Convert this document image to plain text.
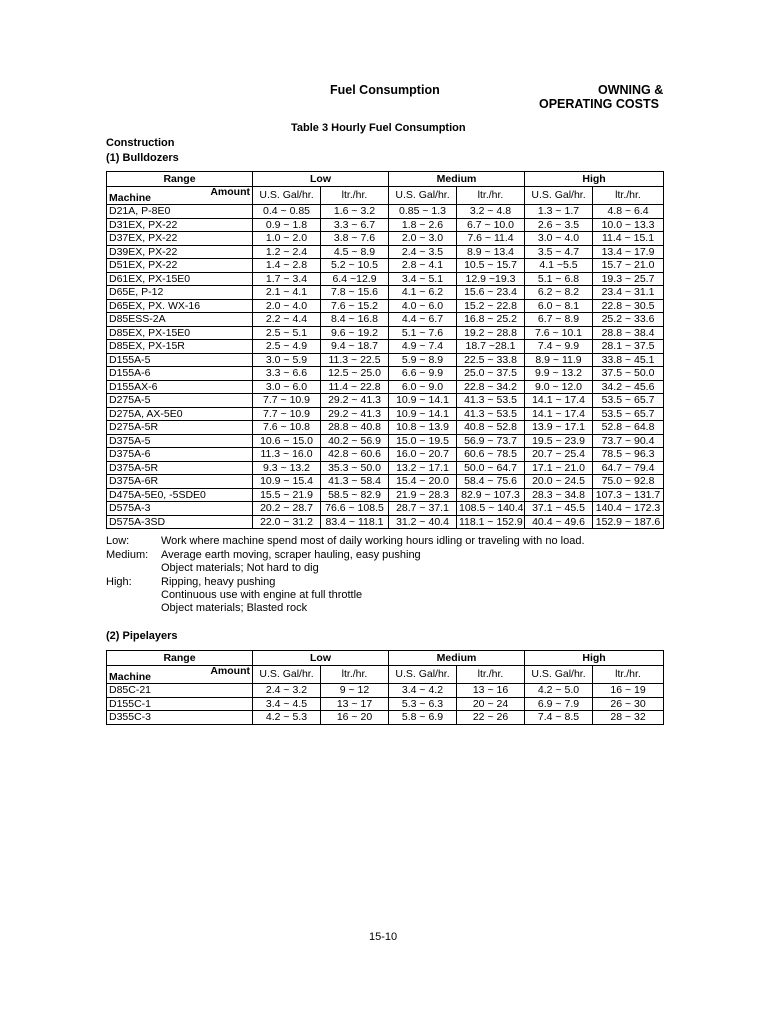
Fuel Consumption	OWNING &
OPERATING COSTS
Table 3 Hourly Fuel Consumption
Construction
(1) Bulldozers
Range	Low		Medium		High	

Amount
Machine	U.S. Gal/hr.	ltr./hr.	U.S. Gal/hr.	ltr./hr.	U.S. Gal/hr.	ltr./hr.
D21A, P-8E0	0.4 ~ 0.85	1.6 ~ 3.2	0.85 ~ 1.3	3.2 ~ 4.8	1.3 ~ 1.7	4.8 ~ 6.4
D31EX, PX-22	0.9 ~ 1.8	3.3 ~ 6.7	1.8 ~ 2.6	6.7 ~ 10.0	2.6 ~ 3.5	10.0 ~ 13.3
D37EX, PX-22	1.0 ~ 2.0	3.8 ~ 7.6	2.0 ~ 3.0	7.6 ~ 11.4	3.0 ~ 4.0	11.4 ~ 15.1
D39EX, PX-22	1.2 ~ 2.4	4.5 ~ 8.9	2.4 ~ 3.5	8.9 ~ 13.4	3.5 ~ 4.7	13.4 ~ 17.9
D51EX, PX-22	1.4 ~ 2.8	5.2 ~ 10.5	2.8 ~ 4.1	10.5 ~ 15.7	4.1 ~5.5	15.7 ~ 21.0
D61EX, PX-15E0	1.7 ~ 3.4	6.4 ~12.9	3.4 ~ 5.1	12.9 ~19.3	5.1 ~ 6.8	19.3 ~ 25.7
D65E, P-12	2.1 ~ 4.1	7.8 ~ 15.6	4.1 ~ 6.2	15.6 ~ 23.4	6.2 ~ 8.2	23.4 ~ 31.1
D65EX, PX. WX-16	2.0 ~ 4.0	7.6 ~ 15.2	4.0 ~ 6.0	15.2 ~ 22.8	6.0 ~ 8.1	22.8 ~ 30.5
D85ESS-2A	2.2 ~ 4.4	8.4 ~ 16.8	4.4 ~ 6.7	16.8 ~ 25.2	6.7 ~ 8.9	25.2 ~ 33.6
D85EX, PX-15E0	2.5 ~ 5.1	9.6 ~ 19.2	5.1 ~ 7.6	19.2 ~ 28.8	7.6 ~ 10.1	28.8 ~ 38.4
D85EX, PX-15R	2.5 ~ 4.9	9.4 ~ 18.7	4.9 ~ 7.4	18.7 ~28.1	7.4 ~ 9.9	28.1 ~ 37.5
D155A-5	3.0 ~ 5.9	11.3 ~ 22.5	5.9 ~ 8.9	22.5 ~ 33.8	8.9 ~ 11.9	33.8 ~ 45.1
D155A-6	3.3 ~ 6.6	12.5 ~ 25.0	6.6 ~ 9.9	25.0 ~ 37.5	9.9 ~ 13.2	37.5 ~ 50.0
D155AX-6	3.0 ~ 6.0	11.4 ~ 22.8	6.0 ~ 9.0	22.8 ~ 34.2	9.0 ~ 12.0	34.2 ~ 45.6
D275A-5	7.7 ~ 10.9	29.2 ~ 41.3	10.9 ~ 14.1	41.3 ~ 53.5	14.1 ~ 17.4	53.5 ~ 65.7
D275A, AX-5E0	7.7 ~ 10.9	29.2 ~ 41.3	10.9 ~ 14.1	41.3 ~ 53.5	14.1 ~ 17.4	53.5 ~ 65.7
D275A-5R	7.6 ~ 10.8	28.8 ~ 40.8	10.8 ~ 13.9	40.8 ~ 52.8	13.9 ~ 17.1	52.8 ~ 64.8
D375A-5	10.6 ~ 15.0	40.2 ~ 56.9	15.0 ~ 19.5	56.9 ~ 73.7	19.5 ~ 23.9	73.7 ~ 90.4
D375A-6	11.3 ~ 16.0	42.8 ~ 60.6	16.0 ~ 20.7	60.6 ~ 78.5	20.7 ~ 25.4	78.5 ~ 96.3
D375A-5R	9.3 ~ 13.2	35.3 ~ 50.0	13.2 ~ 17.1	50.0 ~ 64.7	17.1 ~ 21.0	64.7 ~ 79.4
D375A-6R	10.9 ~ 15.4	41.3 ~ 58.4	15.4 ~ 20.0	58.4 ~ 75.6	20.0 ~ 24.5	75.0 ~ 92.8
D475A-5E0, -5SDE0	15.5 ~ 21.9	58.5 ~ 82.9	21.9 ~ 28.3	82.9 ~ 107.3	28.3 ~ 34.8	107.3 ~ 131.7
D575A-3	20.2 ~ 28.7	76.6 ~ 108.5	28.7 ~ 37.1	108.5 ~ 140.4	37.1 ~ 45.5	140.4 ~ 172.3
D575A-3SD	22.0 ~ 31.2	83.4 ~ 118.1	31.2 ~ 40.4	118.1 ~ 152.9	40.4 ~ 49.6	152.9 ~ 187.6
Low:	Work where machine spend most of daily working hours idling or traveling with no load.
Medium: Average earth moving, scraper hauling, easy pushing
Object materials; Not hard to dig
High:	Ripping, heavy pushing
Continuous use with engine at full throttle
Object materials; Blasted rock
(2) Pipelayers
Range	Low		Medium		High	

Amount
Machine	U.S. Gal/hr.	ltr./hr.	U.S. Gal/hr.	ltr./hr.	U.S. Gal/hr.	ltr./hr.
D85C-21	2.4 ~ 3.2	9 ~ 12	3.4 ~ 4.2	13 ~ 16	4.2 ~ 5.0	16 ~ 19
D155C-1	3.4 ~ 4.5	13 ~ 17	5.3 ~ 6.3	20 ~ 24	6.9 ~ 7.9	26 ~ 30
D355C-3	4.2 ~ 5.3	16 ~ 20	5.8 ~ 6.9	22 ~ 26	7.4 ~ 8.5	28 ~ 32
15-10
